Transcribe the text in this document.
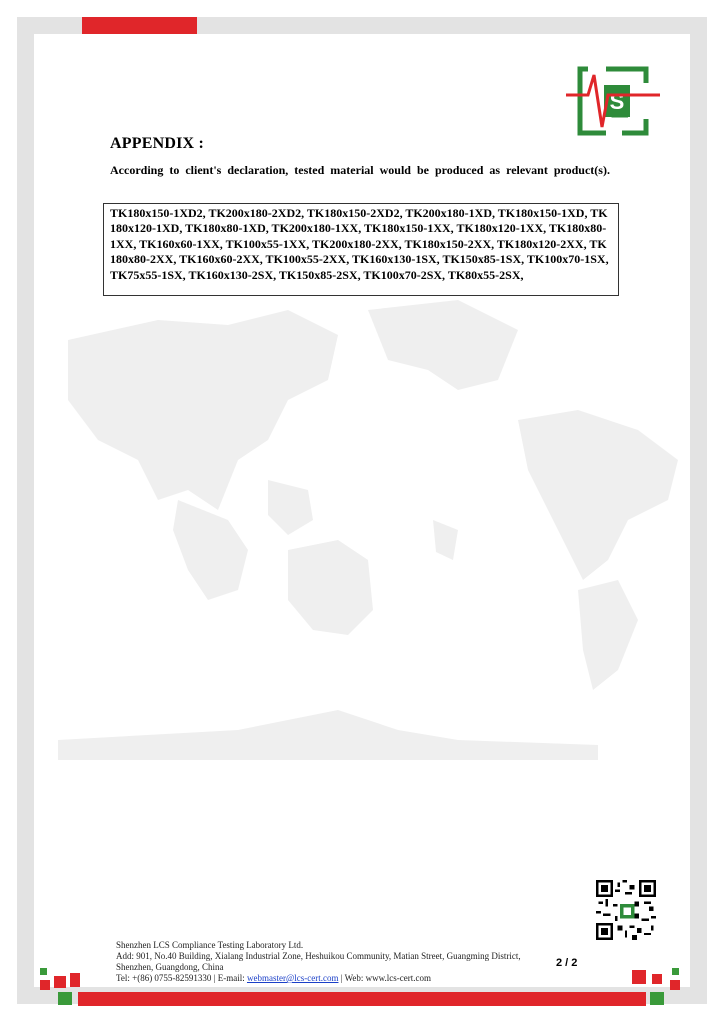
S
APPENDIX :
According to client's declaration, tested material would be produced as relevant product(s).
TK180x150-1XD2, TK200x180-2XD2, TK180x150-2XD2, TK200x180-1XD, TK180x150-1XD, TK180x120-1XD, TK180x80-1XD, TK200x180-1XX, TK180x150-1XX, TK180x120-1XX, TK180x80-1XX, TK160x60-1XX, TK100x55-1XX, TK200x180-2XX, TK180x150-2XX, TK180x120-2XX, TK180x80-2XX, TK160x60-2XX, TK100x55-2XX, TK160x130-1SX, TK150x85-1SX, TK100x70-1SX, TK75x55-1SX, TK160x130-2SX, TK150x85-2SX, TK100x70-2SX, TK80x55-2SX,
Shenzhen LCS Compliance Testing Laboratory Ltd.
Add: 901, No.40 Building, Xialang Industrial Zone, Heshuikou Community, Matian Street, Guangming District,
Shenzhen, Guangdong, China
Tel: +(86) 0755-82591330 | E-mail: webmaster@lcs-cert.com | Web: www.lcs-cert.com
2 / 2
